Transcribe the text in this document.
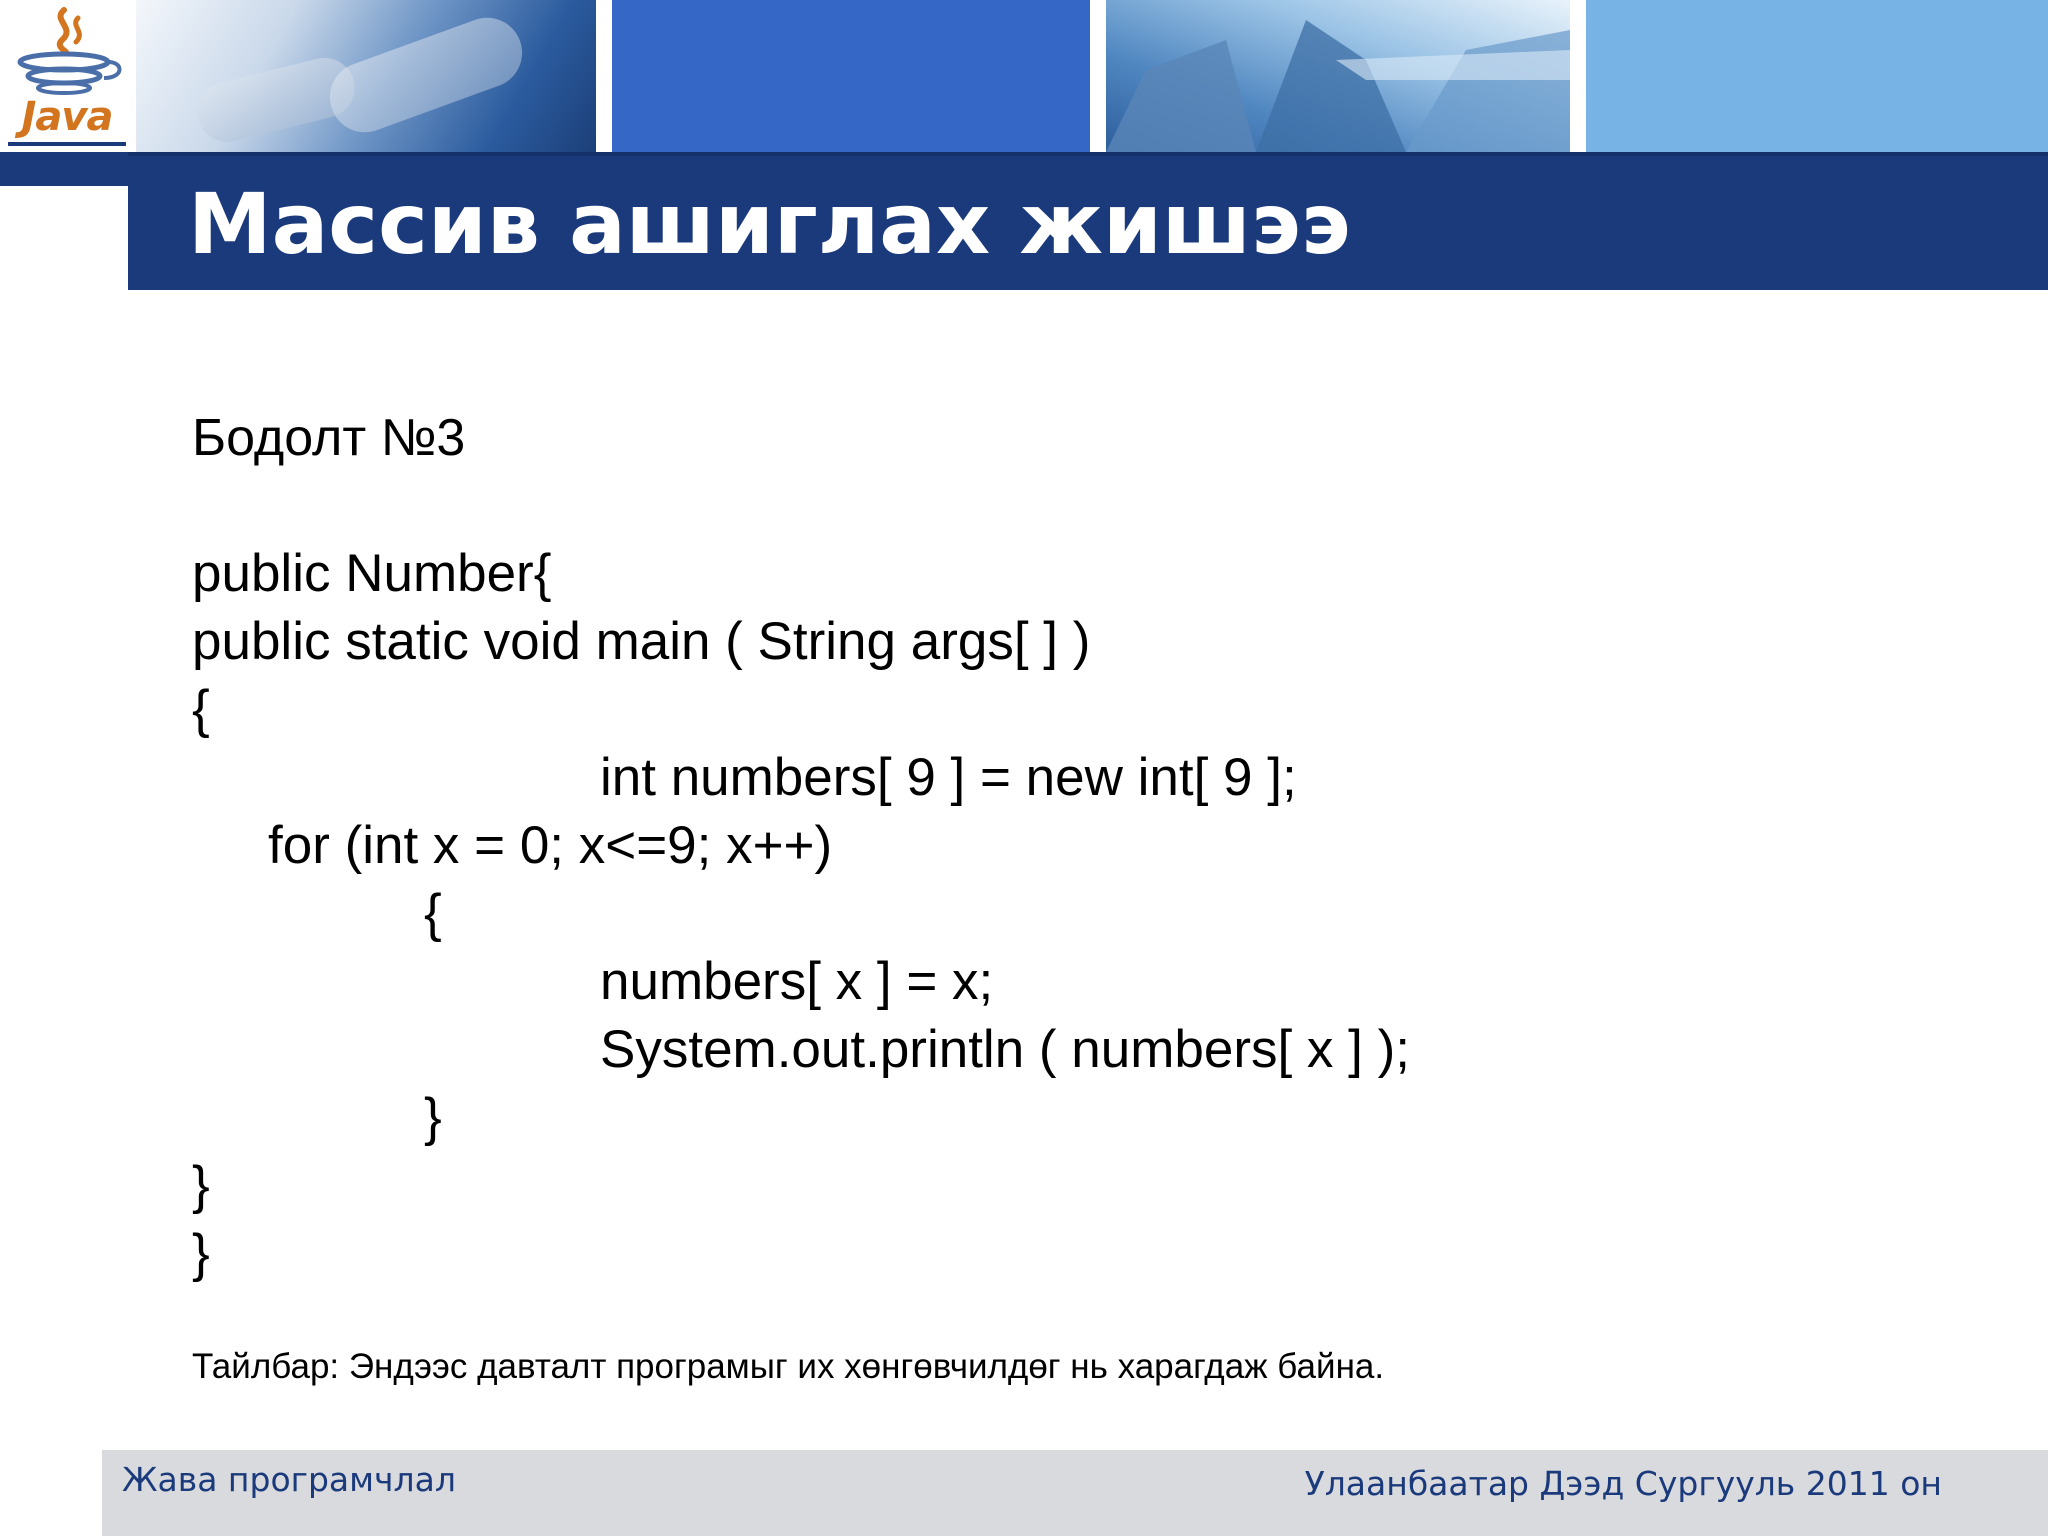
Java
Массив ашиглах жишээ
Бодолт №3
public Number{
public static void main ( String args[ ] )
{
int numbers[ 9 ] = new int[ 9 ];
for (int x = 0; x<=9; x++)
{
numbers[ x ] = x;
System.out.println ( numbers[ x ] );
}
}
}
Тайлбар: Эндээс давталт програмыг их хөнгөвчилдөг нь харагдаж байна.
Жава програмчлал	Улаанбаатар Дээд Сургууль 2011 он
